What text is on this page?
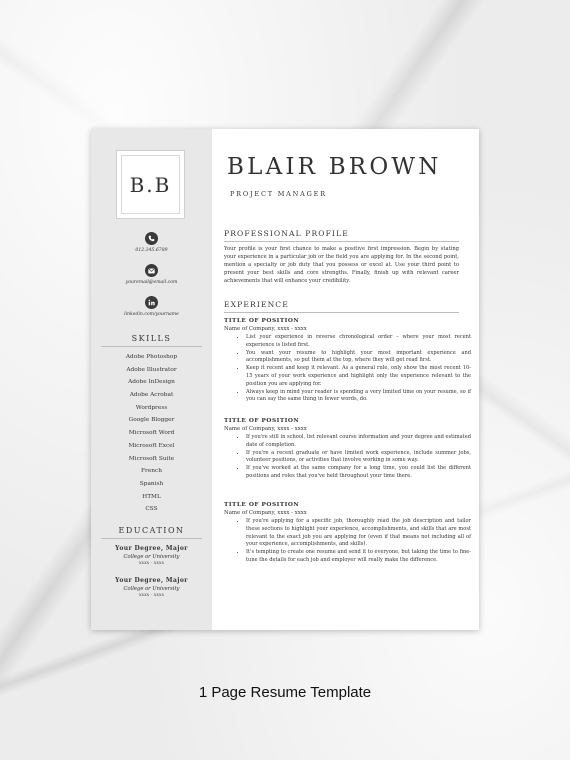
B.B
012.345.6789
youremail@email.com
linkedin.com/yourname
SKILLS
Adobe Photoshop
Adobe Illustrator
Adobe InDesign
Adobe Acrobat
Wordpress
Google Blogger
Microsoft Word
Microsoft Excel
Microsoft Suite
French
Spanish
HTML
CSS
EDUCATION
Your Degree, Major
College or University
xxxx - xxxx
Your Degree, Major
College or University
xxxx - xxxx
BLAIR BROWN
PROJECT MANAGER
PROFESSIONAL PROFILE
Your profile is your first chance to make a positive first impression. Begin by stating your experience in a particular job or the field you are applying for. In the second point, mention a specialty or job duty that you possess or excel at. Use your third point to present your best skills and core strengths. Finally, finish up with relevant career achievements that will enhance your credibility.
EXPERIENCE
TITLE OF POSITION
Name of Company, xxxx - xxxx
• List your experience in reverse chronological order – where your most recent experience is listed first.
• You want your resume to highlight your most important experience and accomplishments, so put them at the top, where they will get read first.
• Keep it recent and keep it relevant. As a general rule, only show the most recent 10-15 years of your work experience and highlight only the experience relevant to the position you are applying for.
• Always keep in mind your reader is spending a very limited time on your resume, so if you can say the same thing in fewer words, do.
TITLE OF POSITION
Name of Company, xxxx - xxxx
• If you're still in school, list relevant course information and your degree and estimated date of completion.
• If you're a recent graduate or have limited work experience, include summer jobs, volunteer positions, or activities that involve working in some way.
• If you've worked at the same company for a long time, you could list the different positions and roles that you've held throughout your time there.
TITLE OF POSITION
Name of Company, xxxx - xxxx
• If you're applying for a specific job, thoroughly read the job description and tailor these sections to highlight your experience, accomplishments, and skills that are most relevant to the exact job you are applying for (even if that means not including all of your experience, accomplishments, and skills).
• It's tempting to create one resume and send it to everyone, but taking the time to fine-tune the details for each job and employer will really make the difference.
1 Page Resume Template
